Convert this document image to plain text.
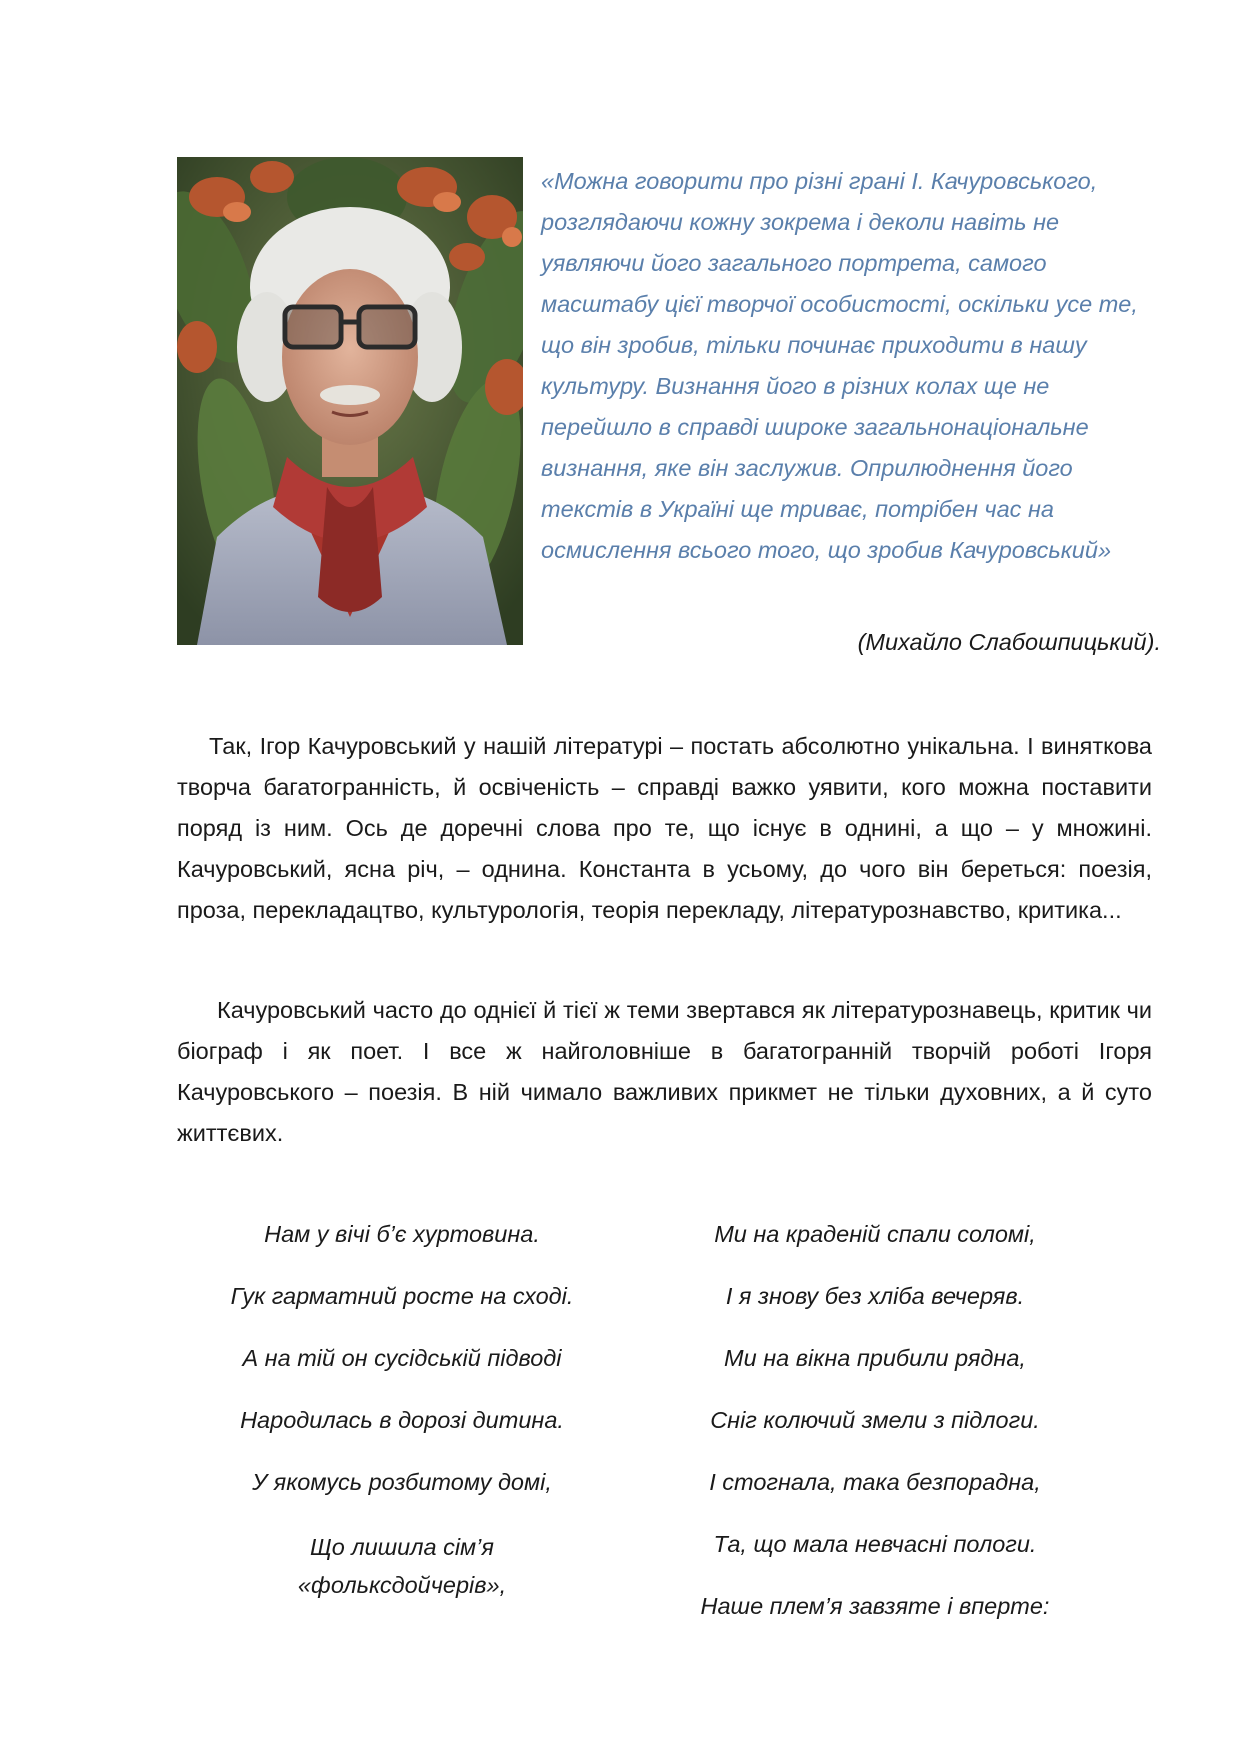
«Можна говорити про різні грані І. Качуровського, розглядаючи кожну зокрема і деколи навіть не уявляючи його загального портрета, самого масштабу цієї творчої особистості, оскільки усе те, що він зробив, тільки починає приходити в нашу культуру. Визнання його в різних колах ще не перейшло в справді широке загальнонаціональне визнання, яке він заслужив. Оприлюднення його текстів в Україні ще триває, потрібен час на осмислення всього того, що зробив Качуровський»

(Михайло Слабошпицький).

Так, Ігор Качуровський у нашій літературі – постать абсолютно унікальна. І виняткова творча багатогранність, й освіченість – справді важко уявити, кого можна поставити поряд із ним. Ось де доречні слова про те, що існує в однині, а що – у множині. Качуровський, ясна річ, – однина. Константа в усьому, до чого він береться: поезія, проза, перекладацтво, культурологія, теорія перекладу, літературознавство, критика...

Качуровський часто до однієї й тієї ж теми звертався як літературознавець, критик чи біограф і як поет. І все ж найголовніше в багатогранній творчій роботі Ігоря Качуровського – поезія. В ній чимало важливих прикмет не тільки духовних, а й суто життєвих.

Нам у вічі б’є хуртовина.
Гук гарматний росте на сході.
А на тій он сусідській підводі
Народилась в дорозі дитина.
У якомусь розбитому домі,
Що лишила сім’я «фольксдойчерів»,
Ми на краденій спали соломі,
І я знову без хліба вечеряв.
Ми на вікна прибили рядна,
Сніг колючий змели з підлоги.
І стогнала, така безпорадна,
Та, що мала невчасні пологи.
Наше плем’я завзяте і вперте:
